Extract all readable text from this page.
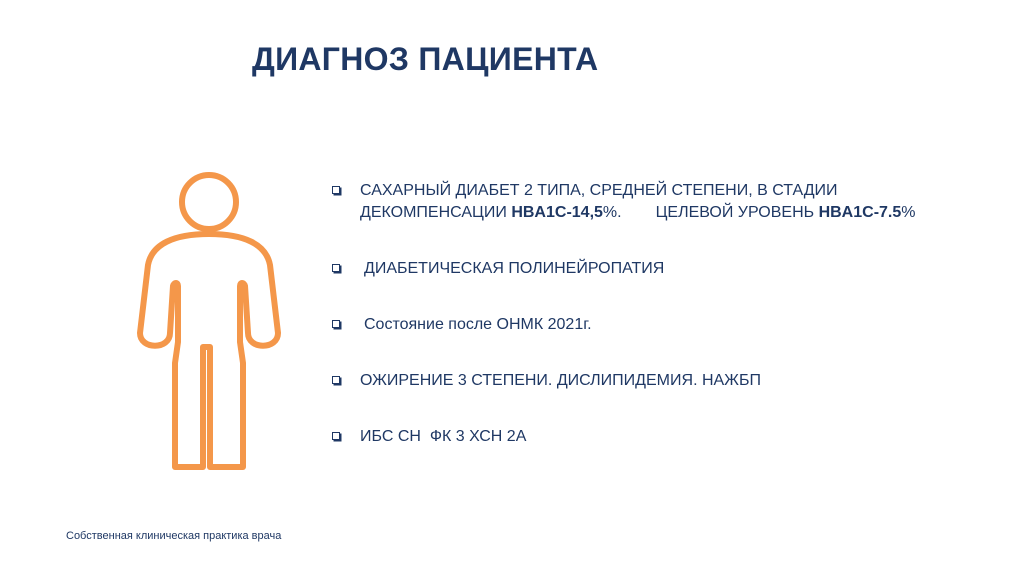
ДИАГНОЗ ПАЦИЕНТА
САХАРНЫЙ ДИАБЕТ 2 ТИПА, СРЕДНЕЙ СТЕПЕНИ, В СТАДИИ
ДЕКОМПЕНСАЦИИ HBA1C-14,5%. ЦЕЛЕВОЙ УРОВЕНЬ HBA1C-7.5%
ДИАБЕТИЧЕСКАЯ ПОЛИНЕЙРОПАТИЯ
Состояние после ОНМК 2021г.
ОЖИРЕНИЕ 3 СТЕПЕНИ. ДИСЛИПИДЕМИЯ. НАЖБП
ИБС СН  ФК 3 ХСН 2А
Собственная клиническая практика врача
